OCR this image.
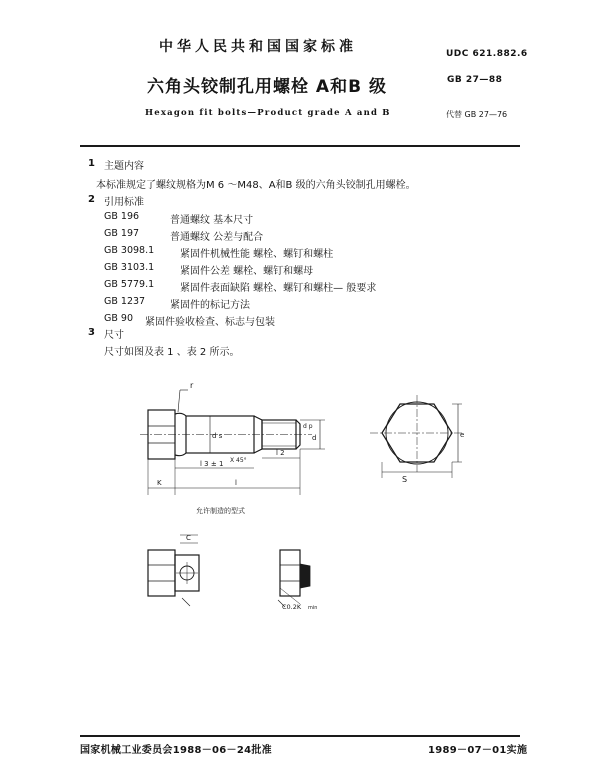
中华人民共和国国家标准	UDC 621.882.6
六角头铰制孔用螺栓 A和B 级	GB 27—88
Hexagon fit bolts—Product grade A and B	代替 GB 27—76
1 主题内容
本标准规定了螺纹规格为M 6 ～M48、A和B 级的六角头铰制孔用螺栓。
2 引用标准
GB 196	普通螺纹 基本尺寸
GB 197	普通螺纹 公差与配合
GB 3098.1	紧固件机械性能 螺栓、螺钉和螺柱
GB 3103.1	紧固件公差 螺栓、螺钉和螺母
GB 5779.1	紧固件表面缺陷 螺栓、螺钉和螺柱— 般要求
GB 1237 紧固件的标记方法
GB 90 紧固件验收检查、标志与包装
3 尺寸
尺寸如图及表 1 、表 2 所示。
r
d s	d
d p
l 2
l 3 ± 1 X 45°
K	l	S
e
允许制造的型式
C
C0.2K min
国家机械工业委员会1988－06－24批准	1989－07－01实施
